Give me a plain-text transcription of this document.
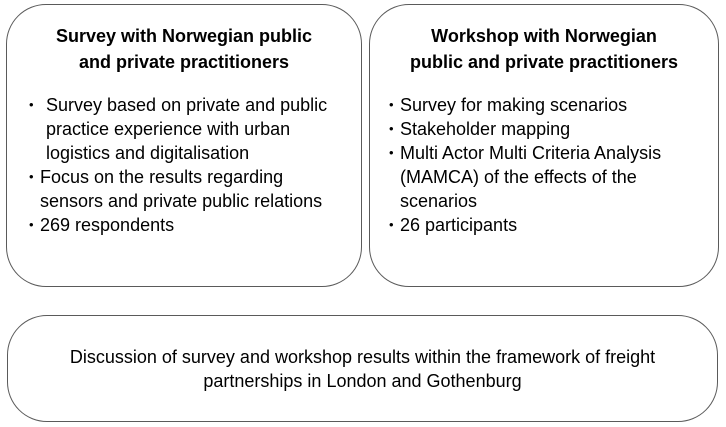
Survey with Norwegian public
and private practitioners
• Survey based on private and public practice experience with urban logistics and digitalisation
• Focus on the results regarding sensors and private public relations
• 269 respondents
Workshop with Norwegian
public and private practitioners
• Survey for making scenarios
• Stakeholder mapping
• Multi Actor Multi Criteria Analysis (MAMCA) of the effects of the scenarios
• 26 participants

Discussion of survey and workshop results within the framework of freight
partnerships in London and Gothenburg
